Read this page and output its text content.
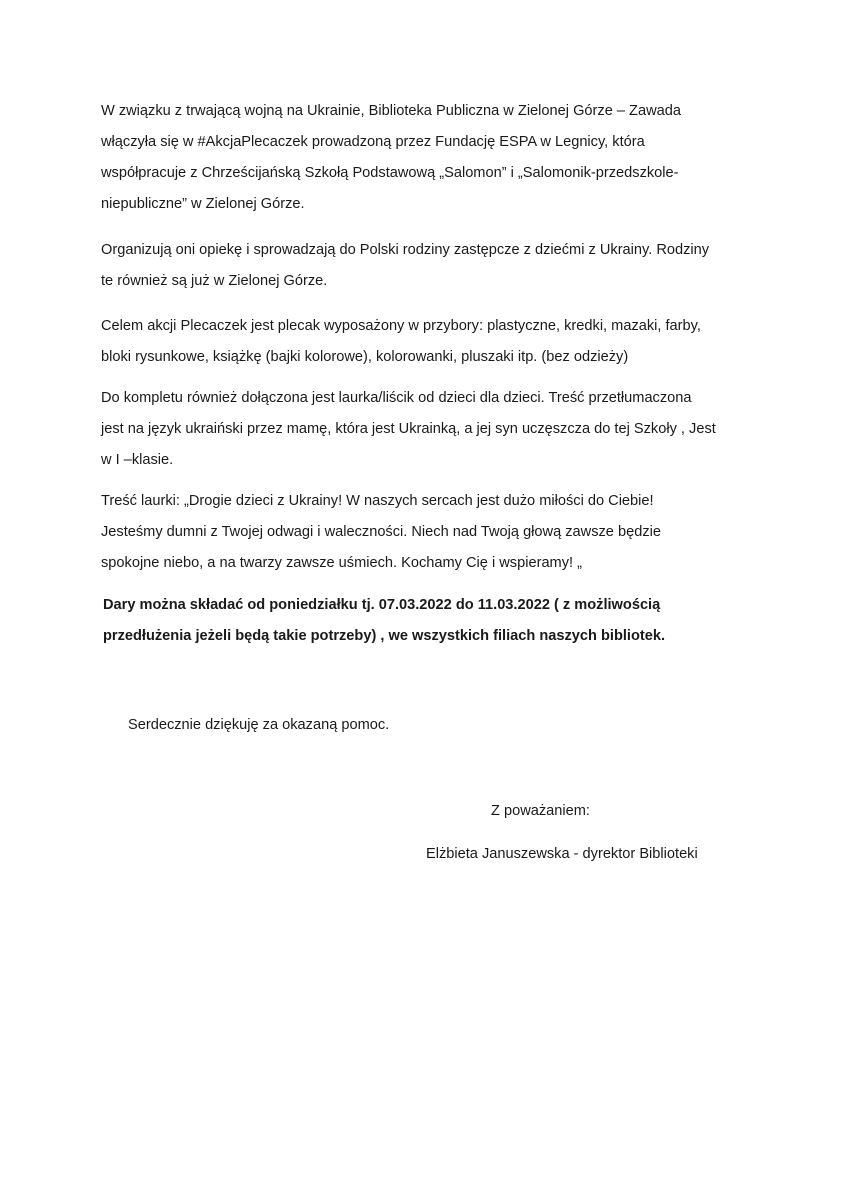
W związku z trwającą wojną na Ukrainie, Biblioteka Publiczna w Zielonej Górze – Zawada
włączyła się w #AkcjaPlecaczek prowadzoną przez Fundację ESPA w Legnicy, która
współpracuje z Chrześcijańską Szkołą Podstawową „Salomon” i „Salomonik-przedszkole-
niepubliczne” w Zielonej Górze.

Organizują oni opiekę i sprowadzają do Polski rodziny zastępcze z dziećmi z Ukrainy. Rodziny
te również są już w Zielonej Górze.

Celem akcji Plecaczek jest plecak wyposażony w przybory: plastyczne, kredki, mazaki, farby,
bloki rysunkowe, książkę (bajki kolorowe), kolorowanki, pluszaki itp. (bez odzieży)

Do kompletu również dołączona jest laurka/liścik od dzieci dla dzieci. Treść przetłumaczona
jest na język ukraiński przez mamę, która jest Ukrainką, a jej syn uczęszcza do tej Szkoły , Jest
w I –klasie.

Treść laurki: „Drogie dzieci z Ukrainy! W naszych sercach jest dużo miłości do Ciebie!
Jesteśmy dumni z Twojej odwagi i waleczności. Niech nad Twoją głową zawsze będzie
spokojne niebo, a na twarzy zawsze uśmiech. Kochamy Cię i wspieramy! „

Dary można składać od poniedziałku tj. 07.03.2022 do 11.03.2022 ( z możliwością
przedłużenia jeżeli będą takie potrzeby) , we wszystkich filiach naszych bibliotek.

Serdecznie dziękuję za okazaną pomoc.

Z poważaniem:

Elżbieta Januszewska - dyrektor Biblioteki
